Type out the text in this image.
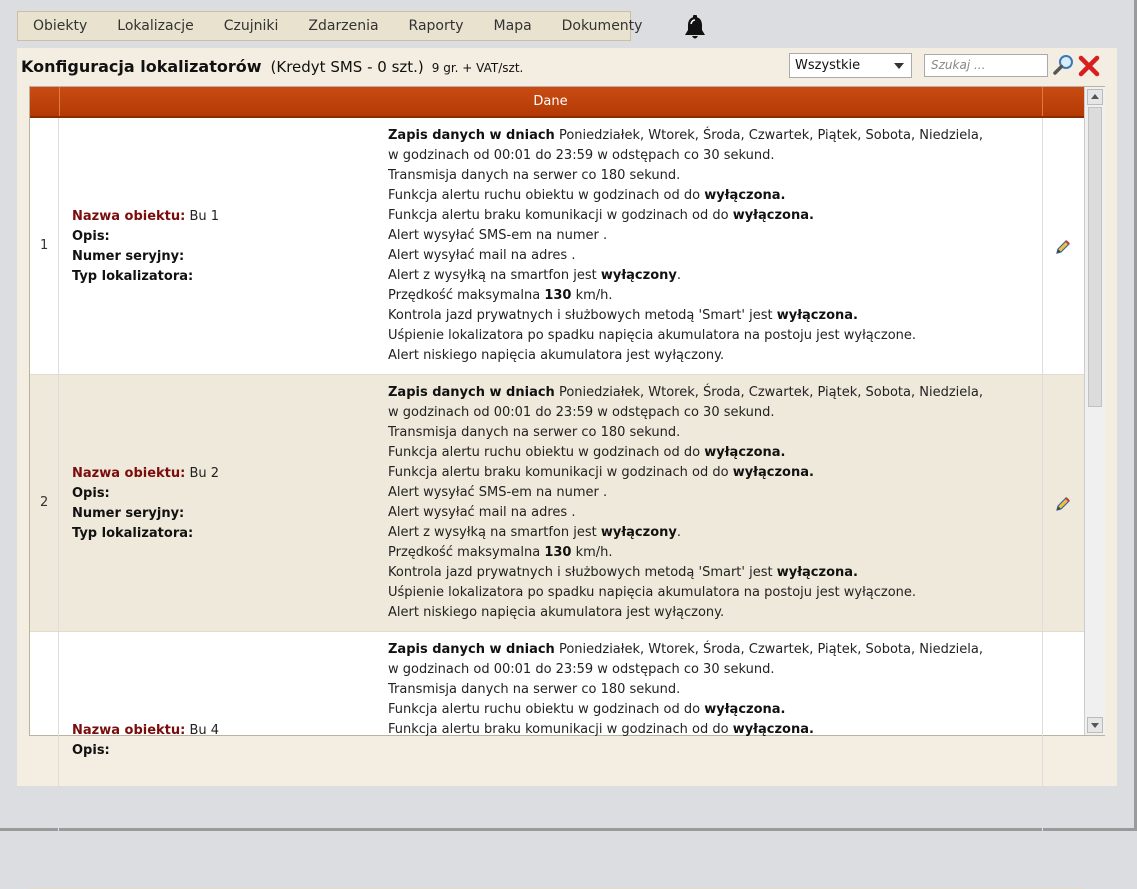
Obiekty	Lokalizacje	Czujniki	Zdarzenia	Raporty	Mapa	Dokumenty
Konfiguracja lokalizatorów (Kredyt SMS - 0 szt.) 9 gr. + VAT/szt.	Wszystkie	Szukaj ...
Dane
1
Nazwa obiektu: Bu 1
Opis:
Numer seryjny:
Typ lokalizatora:
Zapis danych w dniach Poniedziałek, Wtorek, Środa, Czwartek, Piątek, Sobota, Niedziela,
w godzinach od 00:01 do 23:59 w odstępach co 30 sekund.
Transmisja danych na serwer co 180 sekund.
Funkcja alertu ruchu obiektu w godzinach od do wyłączona.
Funkcja alertu braku komunikacji w godzinach od do wyłączona.
Alert wysyłać SMS-em na numer .
Alert wysyłać mail na adres .
Alert z wysyłką na smartfon jest wyłączony.
Przędkość maksymalna 130 km/h.
Kontrola jazd prywatnych i służbowych metodą 'Smart' jest wyłączona.
Uśpienie lokalizatora po spadku napięcia akumulatora na postoju jest wyłączone.
Alert niskiego napięcia akumulatora jest wyłączony.
2
Nazwa obiektu: Bu 2
Opis:
Numer seryjny:
Typ lokalizatora:
Zapis danych w dniach Poniedziałek, Wtorek, Środa, Czwartek, Piątek, Sobota, Niedziela,
w godzinach od 00:01 do 23:59 w odstępach co 30 sekund.
Transmisja danych na serwer co 180 sekund.
Funkcja alertu ruchu obiektu w godzinach od do wyłączona.
Funkcja alertu braku komunikacji w godzinach od do wyłączona.
Alert wysyłać SMS-em na numer .
Alert wysyłać mail na adres .
Alert z wysyłką na smartfon jest wyłączony.
Przędkość maksymalna 130 km/h.
Kontrola jazd prywatnych i służbowych metodą 'Smart' jest wyłączona.
Uśpienie lokalizatora po spadku napięcia akumulatora na postoju jest wyłączone.
Alert niskiego napięcia akumulatora jest wyłączony.
Nazwa obiektu: Bu 4
Opis:
Zapis danych w dniach Poniedziałek, Wtorek, Środa, Czwartek, Piątek, Sobota, Niedziela,
w godzinach od 00:01 do 23:59 w odstępach co 30 sekund.
Transmisja danych na serwer co 180 sekund.
Funkcja alertu ruchu obiektu w godzinach od do wyłączona.
Funkcja alertu braku komunikacji w godzinach od do wyłączona.
